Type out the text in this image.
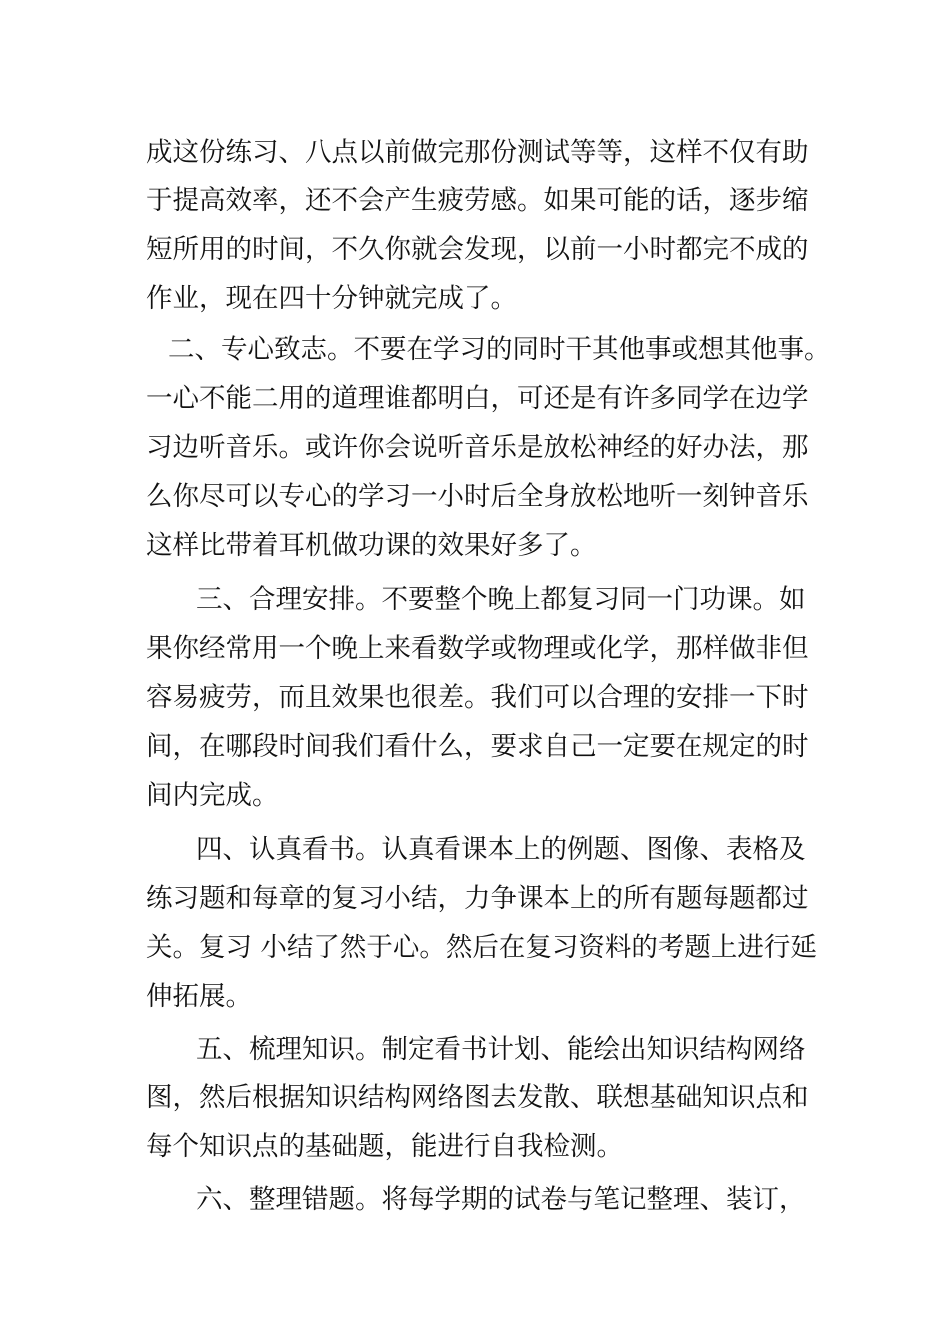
成这份练习、八点以前做完那份测试等等，这样不仅有助
于提高效率，还不会产生疲劳感。如果可能的话，逐步缩
短所用的时间，不久你就会发现，以前一小时都完不成的
作业，现在四十分钟就完成了。
二、专心致志。不要在学习的同时干其他事或想其他事。
一心不能二用的道理谁都明白，可还是有许多同学在边学
习边听音乐。或许你会说听音乐是放松神经的好办法，那
么你尽可以专心的学习一小时后全身放松地听一刻钟音乐
这样比带着耳机做功课的效果好多了。
三、合理安排。不要整个晚上都复习同一门功课。如
果你经常用一个晚上来看数学或物理或化学，那样做非但
容易疲劳，而且效果也很差。我们可以合理的安排一下时
间，在哪段时间我们看什么，要求自己一定要在规定的时
间内完成。
四、认真看书。认真看课本上的例题、图像、表格及
练习题和每章的复习小结，力争课本上的所有题每题都过
关。复习 小结了然于心。然后在复习资料的考题上进行延
伸拓展。
五、梳理知识。制定看书计划、能绘出知识结构网络
图，然后根据知识结构网络图去发散、联想基础知识点和
每个知识点的基础题，能进行自我检测。
六、整理错题。将每学期的试卷与笔记整理、装订，
